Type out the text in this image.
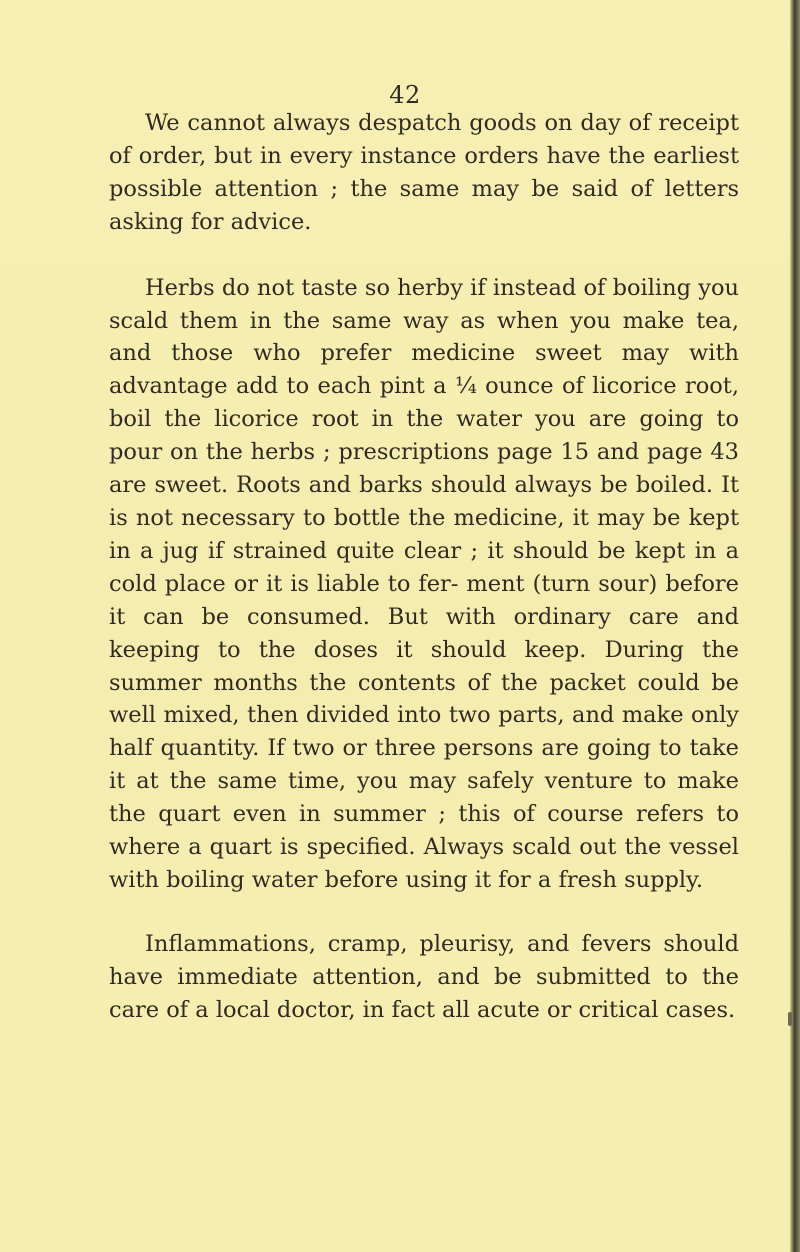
42

We cannot always despatch goods on day of receipt of order, but in every instance orders have the earliest possible attention ; the same may be said of letters asking for advice.

Herbs do not taste so herby if instead of boiling you scald them in the same way as when you make tea, and those who prefer medicine sweet may with advantage add to each pint a ¼ ounce of licorice root, boil the licorice root in the water you are going to pour on the herbs ; prescriptions page 15 and page 43 are sweet. Roots and barks should always be boiled. It is not necessary to bottle the medicine, it may be kept in a jug if strained quite clear ; it should be kept in a cold place or it is liable to fer- ment (turn sour) before it can be consumed. But with ordinary care and keeping to the doses it should keep. During the summer months the contents of the packet could be well mixed, then divided into two parts, and make only half quantity. If two or three persons are going to take it at the same time, you may safely venture to make the quart even in summer ; this of course refers to where a quart is specified. Always scald out the vessel with boiling water before using it for a fresh supply.

Inflammations, cramp, pleurisy, and fevers should have immediate attention, and be submitted to the care of a local doctor, in fact all acute or critical cases.
